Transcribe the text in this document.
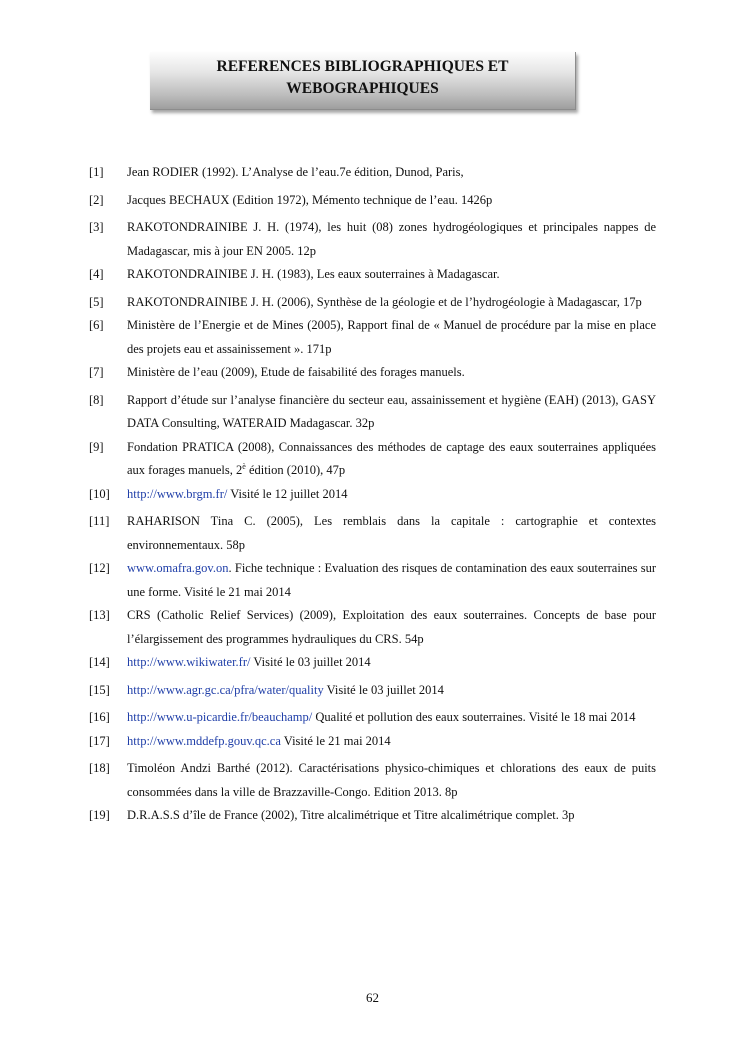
REFERENCES BIBLIOGRAPHIQUES ET
WEBOGRAPHIQUES
[1]	Jean RODIER (1992). L’Analyse de l’eau.7e édition, Dunod, Paris,
[2]	Jacques BECHAUX (Edition 1972), Mémento technique de l’eau. 1426p
[3]	RAKOTONDRAINIBE J. H. (1974), les huit (08) zones hydrogéologiques et principales nappes de Madagascar, mis à jour EN 2005. 12p
[4]	RAKOTONDRAINIBE J. H. (1983), Les eaux souterraines à Madagascar.
[5]	RAKOTONDRAINIBE J. H. (2006), Synthèse de la géologie et de l’hydrogéologie à Madagascar, 17p
[6]	Ministère de l’Energie et de Mines (2005), Rapport final de « Manuel de procédure par la mise en place des projets eau et assainissement ». 171p
[7]	Ministère de l’eau (2009), Etude de faisabilité des forages manuels.
[8]	Rapport d’étude sur l’analyse financière du secteur eau, assainissement et hygiène (EAH) (2013), GASY DATA Consulting, WATERAID Madagascar. 32p
[9]	Fondation PRATICA (2008), Connaissances des méthodes de captage des eaux souterraines appliquées aux forages manuels, $2^è$ édition (2010), 47p
[10]	http://www.brgm.fr/ Visité le 12 juillet 2014
[11]	RAHARISON Tina C. (2005), Les remblais dans la capitale : cartographie et contextes environnementaux. 58p
[12]	www.omafra.gov.on. Fiche technique : Evaluation des risques de contamination des eaux souterraines sur une forme. Visité le 21 mai 2014
[13]	CRS (Catholic Relief Services) (2009), Exploitation des eaux souterraines. Concepts de base pour l’élargissement des programmes hydrauliques du CRS. 54p
[14]	http://www.wikiwater.fr/ Visité le 03 juillet 2014
[15]	http://www.agr.gc.ca/pfra/water/quality Visité le 03 juillet 2014
[16]	http://www.u-picardie.fr/beauchamp/ Qualité et pollution des eaux souterraines. Visité le 18 mai 2014
[17]	http://www.mddefp.gouv.qc.ca Visité le 21 mai 2014
[18]	Timoléon Andzi Barthé (2012). Caractérisations physico-chimiques et chlorations des eaux de puits consommées dans la ville de Brazzaville-Congo. Edition 2013. 8p
[19]	D.R.A.S.S d’île de France (2002), Titre alcalimétrique et Titre alcalimétrique complet. 3p
62
